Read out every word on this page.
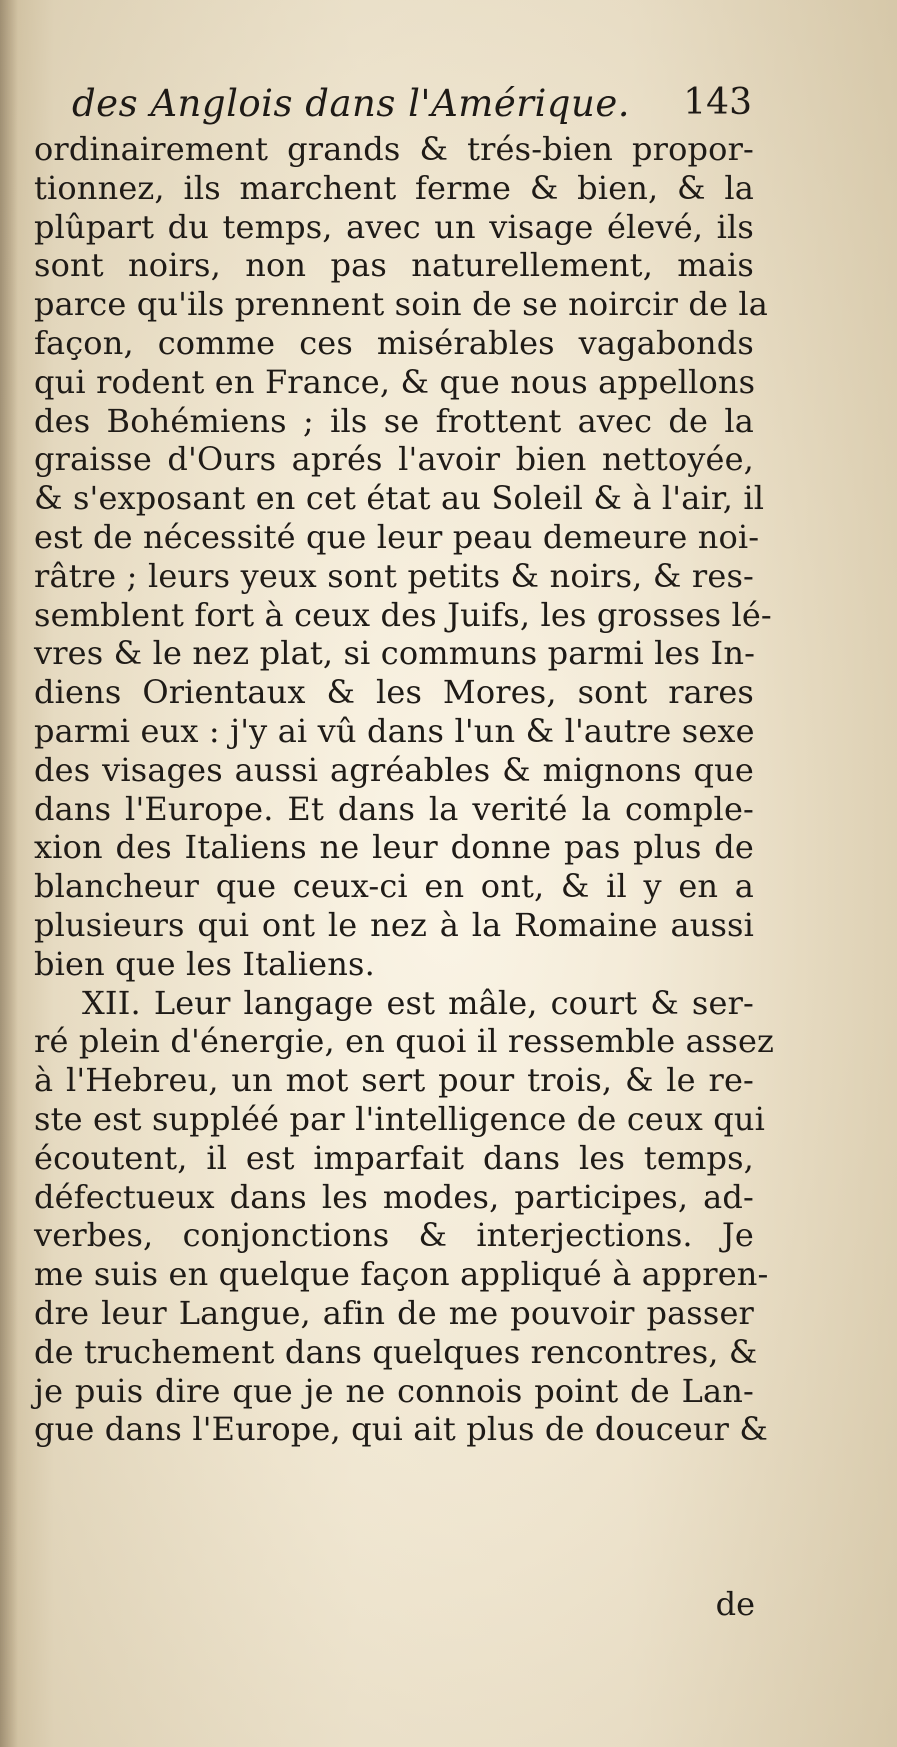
des Anglois dans l'Amérique. 143
ordinairement grands & trés-bien propor-
tionnez, ils marchent ferme & bien, & la
plûpart du temps, avec un visage élevé, ils
sont noirs, non pas naturellement, mais
parce qu'ils prennent soin de se noircir de la
façon, comme ces misérables vagabonds
qui rodent en France, & que nous appellons
des Bohémiens ; ils se frottent avec de la
graisse d'Ours aprés l'avoir bien nettoyée,
& s'exposant en cet état au Soleil & à l'air, il
est de nécessité que leur peau demeure noi-
râtre ; leurs yeux sont petits & noirs, & res-
semblent fort à ceux des Juifs, les grosses lé-
vres & le nez plat, si communs parmi les In-
diens Orientaux & les Mores, sont rares
parmi eux : j'y ai vû dans l'un & l'autre sexe
des visages aussi agréables & mignons que
dans l'Europe. Et dans la verité la comple-
xion des Italiens ne leur donne pas plus de
blancheur que ceux-ci en ont, & il y en a
plusieurs qui ont le nez à la Romaine aussi
bien que les Italiens.
XII. Leur langage est mâle, court & ser-
ré plein d'énergie, en quoi il ressemble assez
à l'Hebreu, un mot sert pour trois, & le re-
ste est suppléé par l'intelligence de ceux qui
écoutent, il est imparfait dans les temps,
défectueux dans les modes, participes, ad-
verbes, conjonctions & interjections. Je
me suis en quelque façon appliqué à appren-
dre leur Langue, afin de me pouvoir passer
de truchement dans quelques rencontres, &
je puis dire que je ne connois point de Lan-
gue dans l'Europe, qui ait plus de douceur &
de
